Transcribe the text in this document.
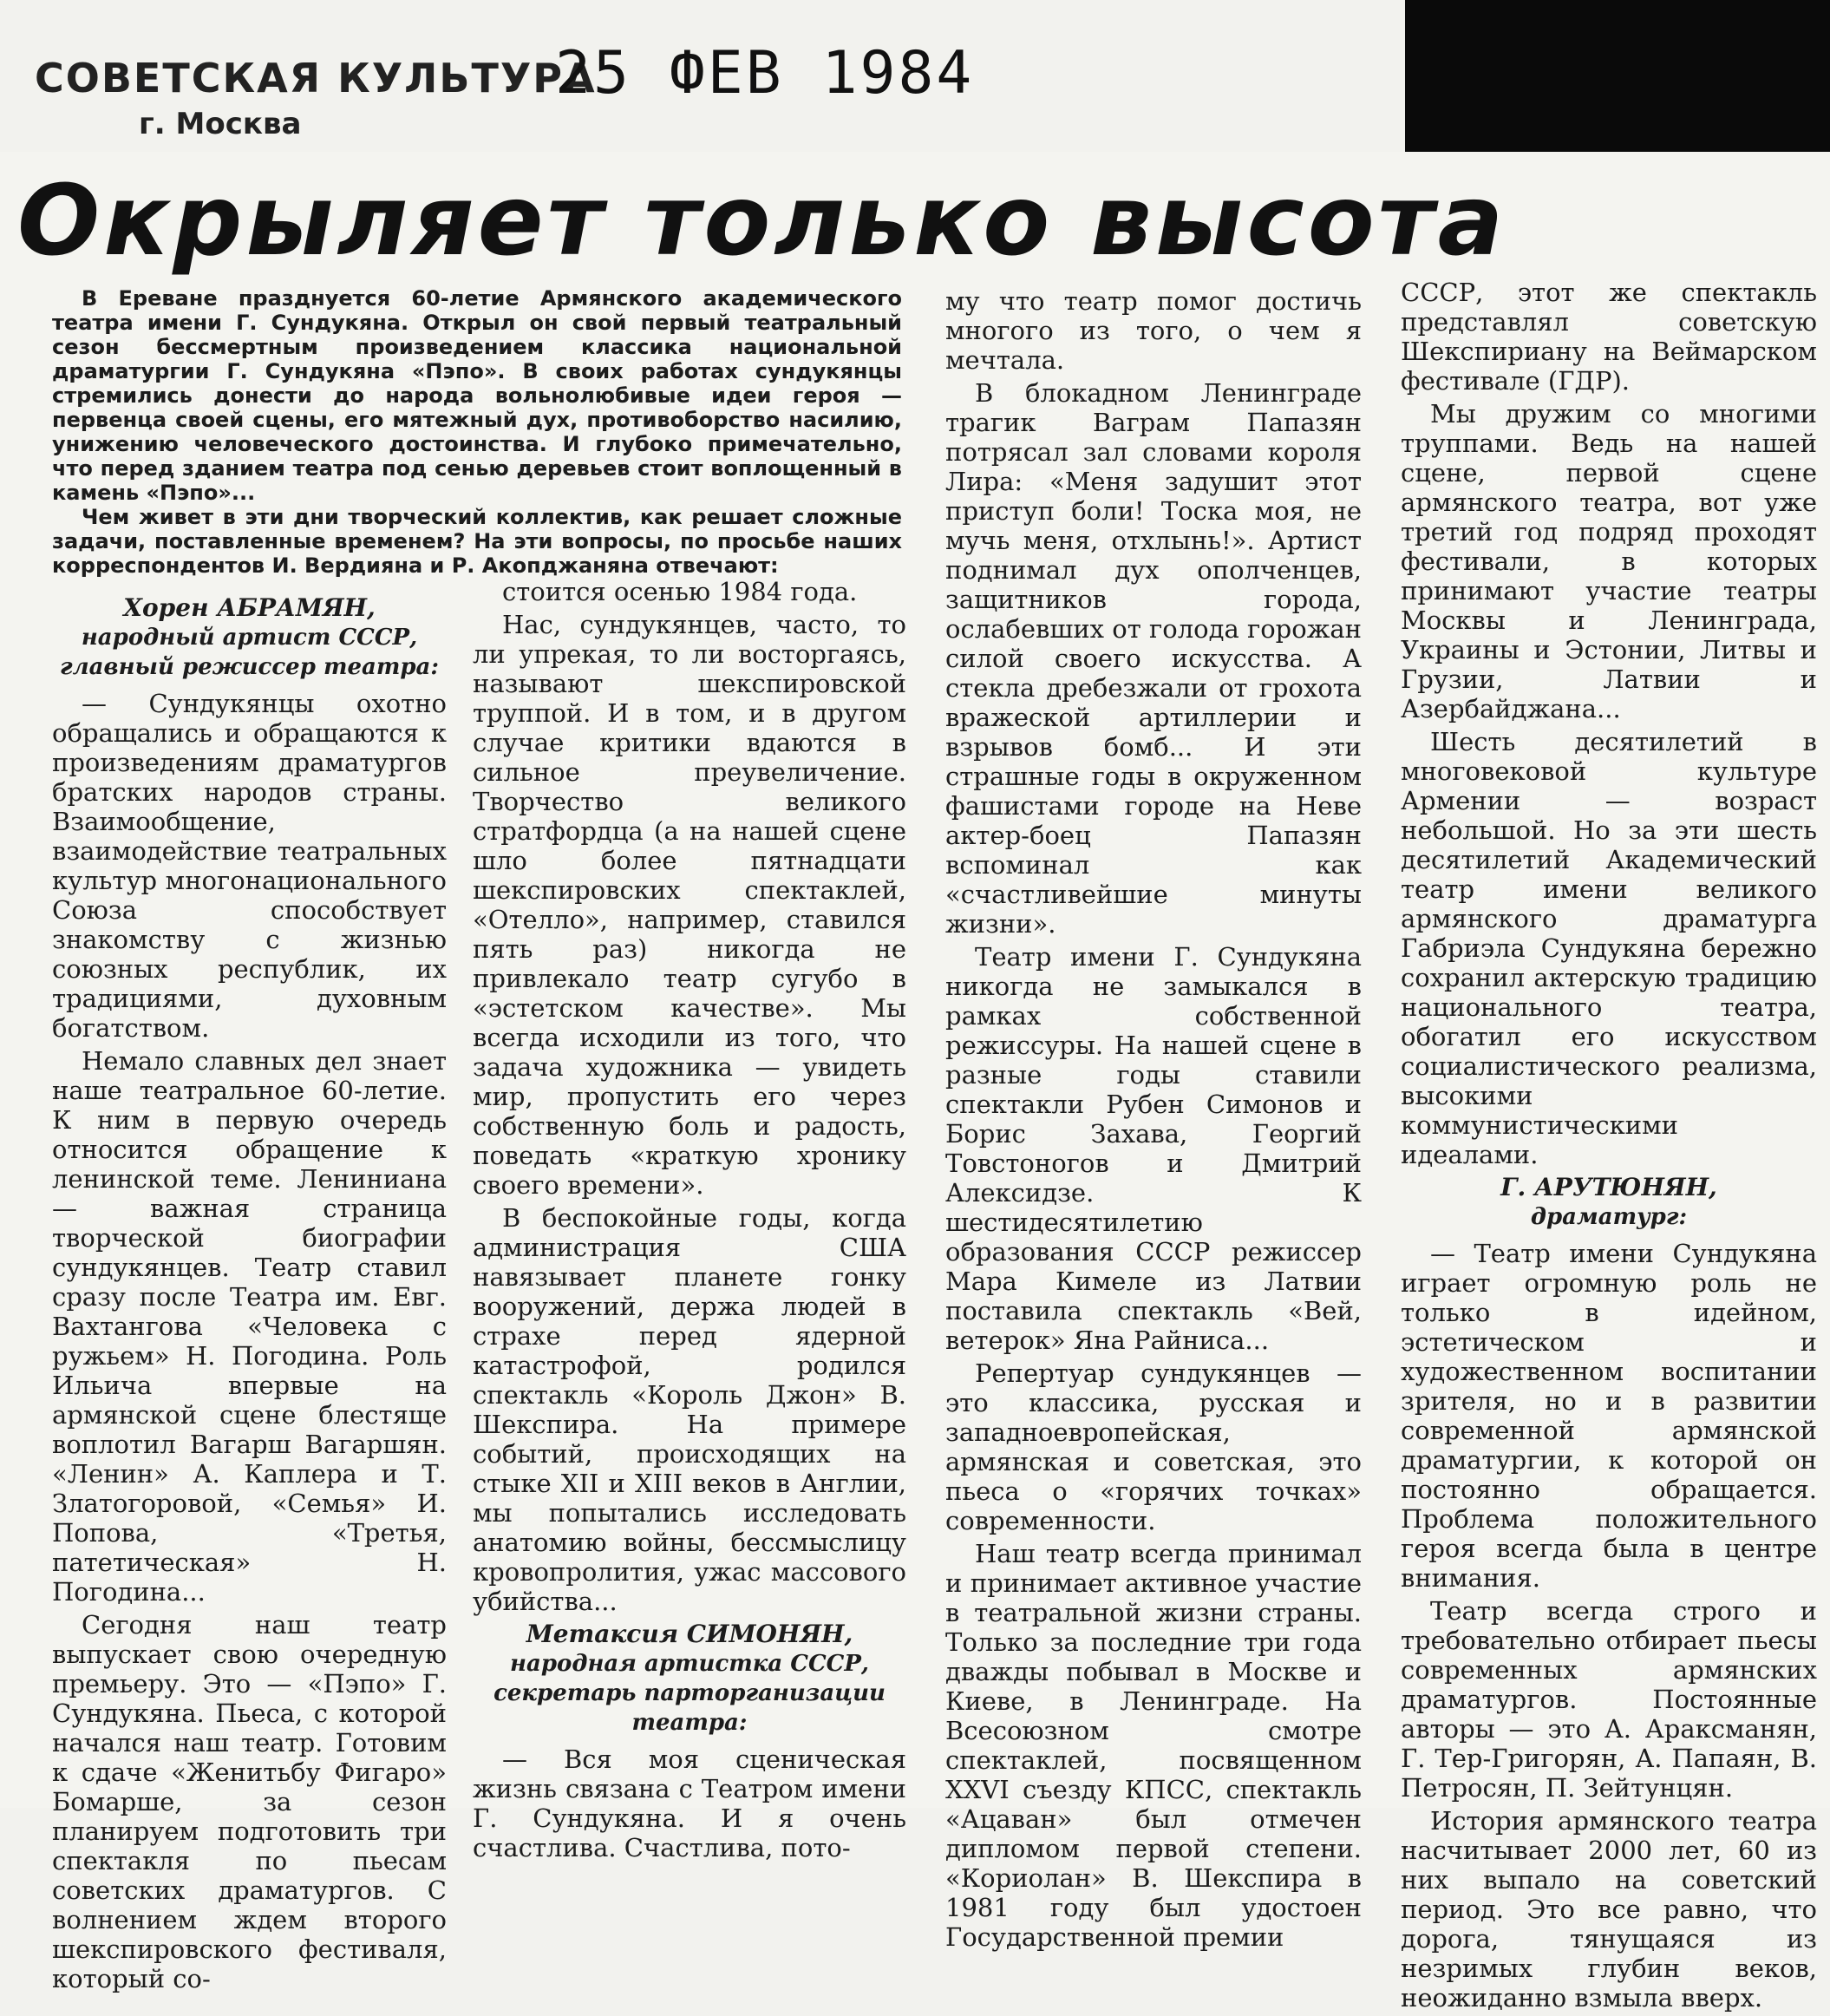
СОВЕТСКАЯ КУЛЬТУРА
г. Москва
25 ФЕВ 1984
Окрыляет только высота

В Ереване празднуется 60-летие Армянского академического театра имени Г. Сундукяна. Открыл он свой первый театральный сезон бессмертным произведением классика национальной драматургии Г. Сундукяна «Пэпо». В своих работах сундукянцы стремились донести до народа вольнолюбивые идеи героя — первенца своей сцены, его мятежный дух, противоборство насилию, унижению человеческого достоинства. И глубоко примечательно, что перед зданием театра под сенью деревьев стоит воплощенный в камень «Пэпо»...

Чем живет в эти дни творческий коллектив, как решает сложные задачи, поставленные временем? На эти вопросы, по просьбе наших корреспондентов И. Вердияна и Р. Акопджаняна отвечают:

Хорен АБРАМЯН,
народный артист СССР, главный режиссер театра:

— Сундукянцы охотно обращались и обращаются к произведениям драматургов братских народов страны. Взаимообщение, взаимодействие театральных культур многонационального Союза способствует знакомству с жизнью союзных республик, их традициями, духовным богатством.

Немало славных дел знает наше театральное 60-летие. К ним в первую очередь относится обращение к ленинской теме. Лениниана — важная страница творческой биографии сундукянцев. Театр ставил сразу после Театра им. Евг. Вахтангова «Человека с ружьем» Н. Погодина. Роль Ильича впервые на армянской сцене блестяще воплотил Вагарш Вагаршян. «Ленин» А. Каплера и Т. Златогоровой, «Семья» И. Попова, «Третья, патетическая» Н. Погодина...

Сегодня наш театр выпускает свою очередную премьеру. Это — «Пэпо» Г. Сундукяна. Пьеса, с которой начался наш театр. Готовим к сдаче «Женитьбу Фигаро» Бомарше, за сезон планируем подготовить три спектакля по пьесам советских драматургов. С волнением ждем второго шекспировского фестиваля, который со-

стоится осенью 1984 года.

Нас, сундукянцев, часто, то ли упрекая, то ли восторгаясь, называют шекспировской труппой. И в том, и в другом случае критики вдаются в сильное преувеличение. Творчество великого стратфордца (а на нашей сцене шло более пятнадцати шекспировских спектаклей, «Отелло», например, ставился пять раз) никогда не привлекало театр сугубо в «эстетском качестве». Мы всегда исходили из того, что задача художника — увидеть мир, пропустить его через собственную боль и радость, поведать «краткую хронику своего времени».

В беспокойные годы, когда администрация США навязывает планете гонку вооружений, держа людей в страхе перед ядерной катастрофой, родился спектакль «Король Джон» В. Шекспира. На примере событий, происходящих на стыке XII и XIII веков в Англии, мы попытались исследовать анатомию войны, бессмыслицу кровопролития, ужас массового убийства...

Метаксия СИМОНЯН,
народная артистка СССР, секретарь парторганизации театра:

— Вся моя сценическая жизнь связана с Театром имени Г. Сундукяна. И я очень счастлива. Счастлива, пото-

му что театр помог достичь многого из того, о чем я мечтала.

В блокадном Ленинграде трагик Ваграм Папазян потрясал зал словами короля Лира: «Меня задушит этот приступ боли! Тоска моя, не мучь меня, отхлынь!». Артист поднимал дух ополченцев, защитников города, ослабевших от голода горожан силой своего искусства. А стекла дребезжали от грохота вражеской артиллерии и взрывов бомб... И эти страшные годы в окруженном фашистами городе на Неве актер-боец Папазян вспоминал как «счастливейшие минуты жизни».

Театр имени Г. Сундукяна никогда не замыкался в рамках собственной режиссуры. На нашей сцене в разные годы ставили спектакли Рубен Симонов и Борис Захава, Георгий Товстоногов и Дмитрий Алексидзе. К шестидесятилетию образования СССР режиссер Мара Кимеле из Латвии поставила спектакль «Вей, ветерок» Яна Райниса...

Репертуар сундукянцев — это классика, русская и западноевропейская, армянская и советская, это пьеса о «горячих точках» современности.

Наш театр всегда принимал и принимает активное участие в театральной жизни страны. Только за последние три года дважды побывал в Москве и Киеве, в Ленинграде. На Всесоюзном смотре спектаклей, посвященном XXVI съезду КПСС, спектакль «Ацаван» был отмечен дипломом первой степени. «Кориолан» В. Шекспира в 1981 году был удостоен Государственной премии

СССР, этот же спектакль представлял советскую Шекспириану на Веймарском фестивале (ГДР).

Мы дружим со многими труппами. Ведь на нашей сцене, первой сцене армянского театра, вот уже третий год подряд проходят фестивали, в которых принимают участие театры Москвы и Ленинграда, Украины и Эстонии, Литвы и Грузии, Латвии и Азербайджана...

Шесть десятилетий в многовековой культуре Армении — возраст небольшой. Но за эти шесть десятилетий Академический театр имени великого армянского драматурга Габриэла Сундукяна бережно сохранил актерскую традицию национального театра, обогатил его искусством социалистического реализма, высокими коммунистическими идеалами.

Г. АРУТЮНЯН,
драматург:

— Театр имени Сундукяна играет огромную роль не только в идейном, эстетическом и художественном воспитании зрителя, но и в развитии современной армянской драматургии, к которой он постоянно обращается. Проблема положительного героя всегда была в центре внимания.

Театр всегда строго и требовательно отбирает пьесы современных армянских драматургов. Постоянные авторы — это А. Араксманян, Г. Тер-Григорян, А. Папаян, В. Петросян, П. Зейтунцян.

История армянского театра насчитывает 2000 лет, 60 из них выпало на советский период. Это все равно, что дорога, тянущаяся из незримых глубин веков, неожиданно взмыла вверх.
